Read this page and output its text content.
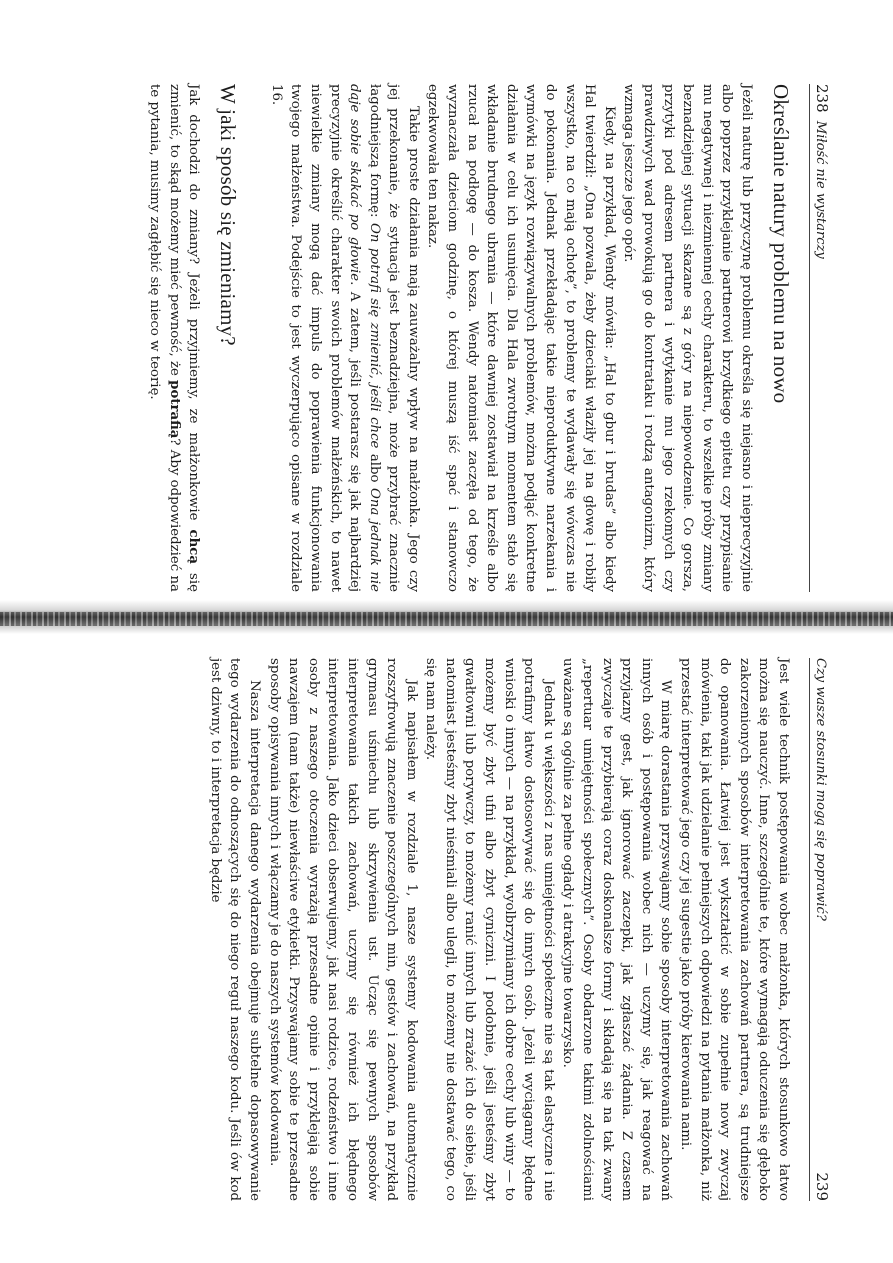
238  Miłość nie wystarczy
Określanie natury problemu na nowo

Jeżeli naturę lub przyczynę problemu określa się niejasno i nieprecyzyjnie albo poprzez przyklejanie partnerowi brzydkiego epitetu czy przypisanie mu negatywnej i niezmiennej cechy charakteru, to wszelkie próby zmiany beznadziejnej sytuacji skazane są z góry na niepowodzenie. Co gorsza, przytyki pod adresem partnera i wytykanie mu jego rzekomych czy prawdziwych wad prowokują go do kontrataku i rodzą antagonizm, który wzmaga jeszcze jego opór.

Kiedy, na przykład, Wendy mówiła: „Hal to gbur i brudas” albo kiedy Hal twierdził: „Ona pozwala, żeby dzieciaki właziły jej na głowę i robiły wszystko, na co mają ochotę”, to problemy te wydawały się wówczas nie do pokonania. Jednak przekładając takie nieproduktywne narzekania i wymówki na język rozwiązywalnych problemów, można podjąć konkretne działania w celu ich usunięcia. Dla Hala zwrotnym momentem stało się wkładanie brudnego ubrania — które dawniej zostawiał na krześle albo rzucał na podłogę — do kosza. Wendy natomiast zaczęła od tego, że wyznaczała dzieciom godzinę, o której muszą iść spać i stanowczo egzekwowała ten nakaz.

Takie proste działania mają zauważalny wpływ na małżonka. Jego czy jej przekonanie, że sytuacja jest beznadziejna, może przybrać znacznie łagodniejszą formę: On potrafi się zmienić, jeśli chce albo Ona jednak nie daje sobie skakać po głowie. A zatem, jeśli postarasz się jak najbardziej precyzyjnie określić charakter swoich problemów małżeńskich, to nawet niewielkie zmiany mogą dać impuls do poprawienia funkcjonowania twojego małżeństwa. Podejście to jest wyczerpująco opisane w rozdziale 16.

W jaki sposób się zmieniamy?

Jak dochodzi do zmiany? Jeżeli przyjmiemy, ze małżonkowie chcą się zmienić, to skąd możemy mieć pewność, że potrafią? Aby odpowiedzieć na te pytania, musimy zagłębić się nieco w teorię.

Czy wasze stosunki mogą się poprawić?
239

Jest wiele technik postępowania wobec małżonka, których stosunkowo łatwo można się nauczyć. Inne, szczególnie te, które wymagają oduczenia się głęboko zakorzenionych sposobów interpretowania zachowań partnera, są trudniejsze do opanowania. Łatwiej jest wykształcić w sobie zupełnie nowy zwyczaj mówienia, taki jak udzielanie pełniejszych odpowiedzi na pytania małżonka, niż przestać interpretować jego czy jej sugestie jako próby kierowania nami.

W miarę dorastania przyswajamy sobie sposoby interpretowania zachowań innych osób i postępowania wobec nich — uczymy się, jak reagować na przyjazny gest, jak ignorować zaczepki, jak zgłaszać żądania. Z czasem zwyczaje te przybierają coraz doskonalsze formy i składają się na tak zwany „repertuar umiejętności społecznych”. Osoby obdarzone takimi zdolnościami uważane są ogólnie za pełne ogłady i atrakcyjne towarzysko.

Jednak u większości z nas umiejętności społeczne nie są tak elastyczne i nie potrafimy łatwo dostosowywać się do innych osób. Jeżeli wyciągamy błędne wnioski o innych — na przykład, wyolbrzymiamy ich dobre cechy lub winy — to możemy być zbyt ufni albo zbyt cyniczni. I podobnie, jeśli jesteśmy zbyt gwałtowni lub porywczy, to możemy ranić innych lub zrażać ich do siebie, jeśli natomiast jesteśmy zbyt nieśmiali albo ulegli, to możemy nie dostawać tego, co się nam należy.

Jak napisałem w rozdziale 1, nasze systemy kodowania automatycznie rozszyfrowują znaczenie poszczególnych min, gestów i zachowań, na przykład grymasu uśmiechu lub skrzywienia ust. Ucząc się pewnych sposobów interpretowania takich zachowań, uczymy się również ich błędnego interpretowania. Jako dzieci obserwujemy, jak nasi rodzice, rodzeństwo i inne osoby z naszego otoczenia wyrażają przesadne opinie i przyklejają sobie nawzajem (nam także) niewłaściwe etykietki. Przyswajamy sobie te przesadne sposoby opisywania innych i włączamy je do naszych systemów kodowania.

Nasza interpretacja danego wydarzenia obejmuje subtelne dopasowywanie tego wydarzenia do odnoszących się do niego reguł naszego kodu. Jeśli ów kod jest dziwny, to i interpretacja będzie
